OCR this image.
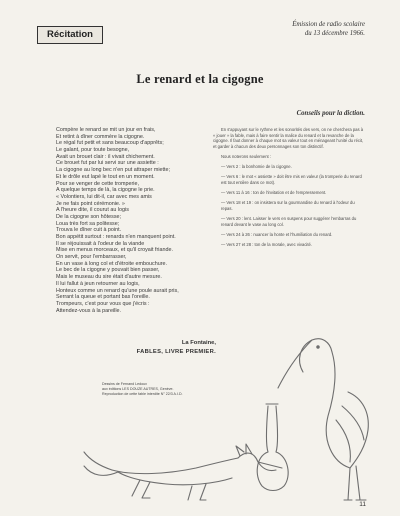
Récitation
Émission de radio scolaire
du 13 décembre 1966.
Le renard et la cigogne
Conseils pour la diction.
Compère le renard se mit un jour en frais,
Et retint à dîner commère la cigogne.
Le régal fut petit et sans beaucoup d'apprêts;
Le galant, pour toute besogne,
Avait un brouet clair : il vivait chichement.
Ce brouet fut par lui servi sur une assiette :
La cigogne au long bec n'en put attraper miette;
Et le drôle eut lapé le tout en un moment.
Pour se venger de cette tromperie,
A quelque temps de là, la cigogne le prie.
« Volontiers, lui dit-il, car avec mes amis
Je ne fais point cérémonie. »
A l'heure dite, il courut au logis
De la cigogne son hôtesse;
Loua très fort sa politesse;
Trouva le dîner cuit à point.
Bon appétit surtout : renards n'en manquent point.
Il se réjouissait à l'odeur de la viande
Mise en menus morceaux, et qu'il croyait friande.
On servit, pour l'embarrasser,
En un vase à long col et d'étroite embouchure.
Le bec de la cigogne y pouvait bien passer,
Mais le museau du sire était d'autre mesure.
Il lui fallut à jeun retourner au logis,
Honteux comme un renard qu'une poule aurait pris,
Serrant la queue et portant bas l'oreille.
Trompeurs, c'est pour vous que j'écris :
Attendez-vous à la pareille.
La Fontaine,
FABLES, LIVRE PREMIER.
Dessins de Fernand Ledoux
aux éditions LES DOUZE AUTRES, Genève.
Reproduction de cette fable interdite N° 22/3 A.I.D.
En s'appuyant sur le rythme et les sonorités des vers, on ne cherchera pas à « jouer » la fable, mais à faire sentir la malice du renard et la revanche de la cigogne. Il faut donner à chaque mot sa valeur tout en ménageant l'unité du récit, et garder à chacun des deux personnages son ton distinctif.
Nous noterons seulement :
— Vers 2 : la bonhomie de la cigogne.
— Vers 6 : le mot « assiette » doit être mis en valeur (la tromperie du renard est tout entière dans ce mot).
— Vers 11 à 16 : ton de l'invitation et de l'empressement.
— Vers 18 et 19 : on insistera sur la gourmandise du renard à l'odeur du repas.
— Vers 20 : lent. Laisser le vers en suspens pour suggérer l'embarras du renard devant le vase au long col.
— Vers 24 à 26 : nuancer la honte et l'humiliation du renard.
— Vers 27 et 28 : ton de la morale, avec vivacité.
11
